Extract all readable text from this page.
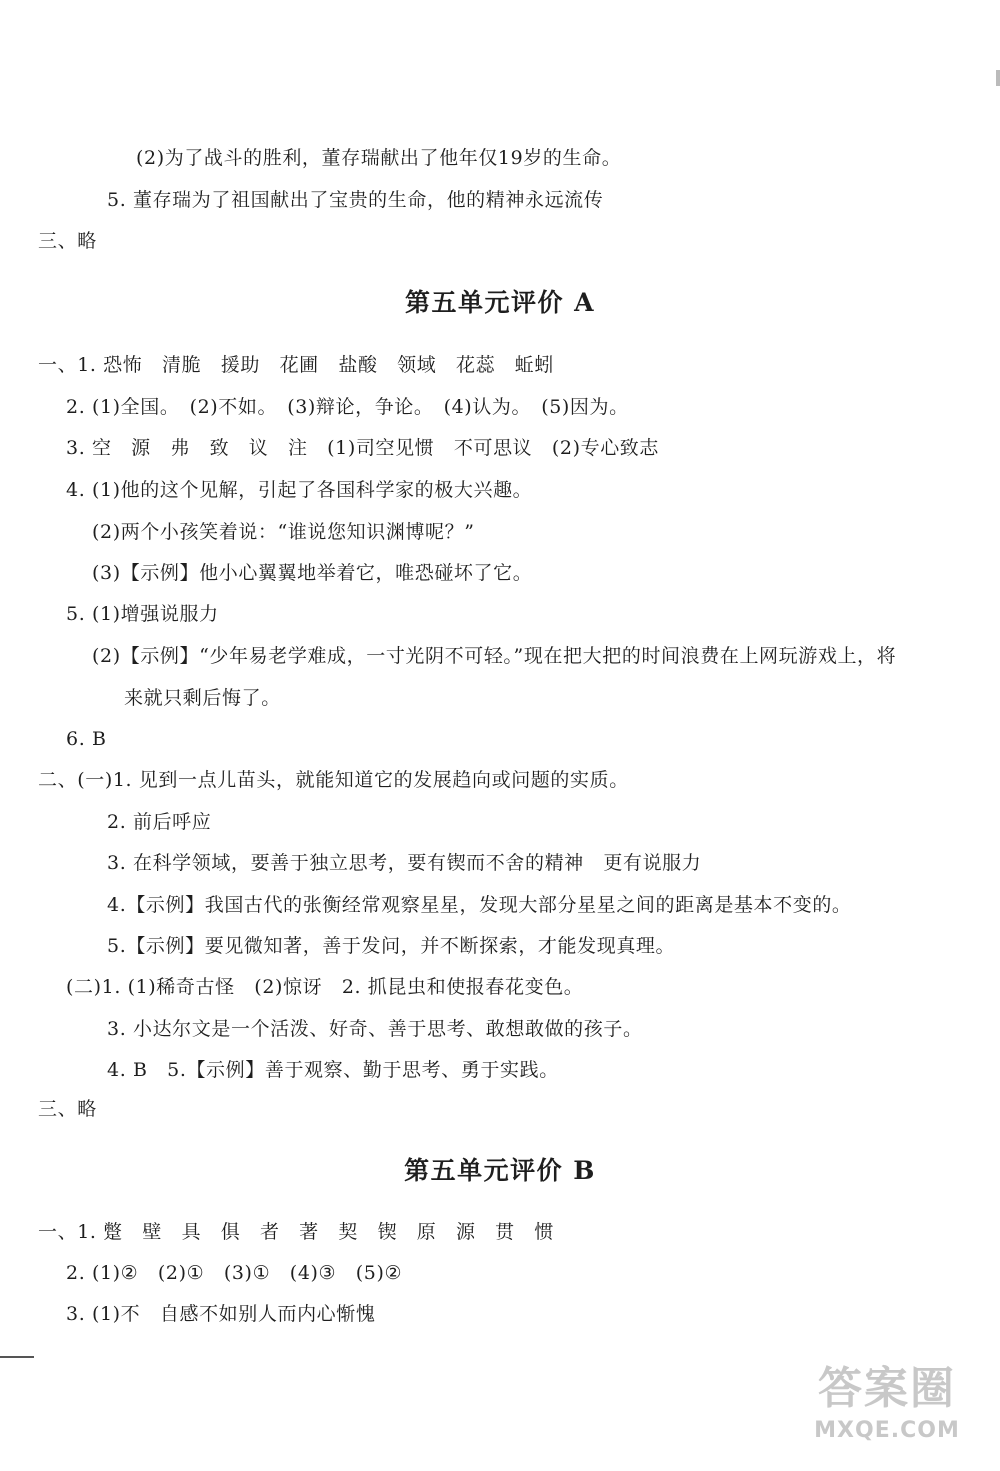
(2)为了战斗的胜利，董存瑞献出了他年仅19岁的生命。
5. 董存瑞为了祖国献出了宝贵的生命，他的精神永远流传
三、略
第五单元评价 A
一、1. 恐怖　清脆　援助　花圃　盐酸　领域　花蕊　蚯蚓
2. (1)全国。　(2)不如。　(3)辩论，争论。　(4)认为。　(5)因为。
3. 空　源　弗　致　议　注　(1)司空见惯　不可思议　(2)专心致志
4. (1)他的这个见解，引起了各国科学家的极大兴趣。
(2)两个小孩笑着说：“谁说您知识渊博呢？”
(3)【示例】他小心翼翼地举着它，唯恐碰坏了它。
5. (1)增强说服力
(2)【示例】“少年易老学难成，一寸光阴不可轻。”现在把大把的时间浪费在上网玩游戏上，将
来就只剩后悔了。
6. B
二、(一)1. 见到一点儿苗头，就能知道它的发展趋向或问题的实质。
2. 前后呼应
3. 在科学领域，要善于独立思考，要有锲而不舍的精神　更有说服力
4.【示例】我国古代的张衡经常观察星星，发现大部分星星之间的距离是基本不变的。
5.【示例】要见微知著，善于发问，并不断探索，才能发现真理。
(二)1. (1)稀奇古怪　(2)惊讶　2. 抓昆虫和使报春花变色。
3. 小达尔文是一个活泼、好奇、善于思考、敢想敢做的孩子。
4. B　5.【示例】善于观察、勤于思考、勇于实践。
三、略
第五单元评价 B
一、1. 蹩　壁　具　俱　者　著　契　锲　原　源　贯　惯
2. (1)②　(2)①　(3)①　(4)③　(5)②
3. (1)不　自感不如别人而内心惭愧
答案圈
MXQE.COM
